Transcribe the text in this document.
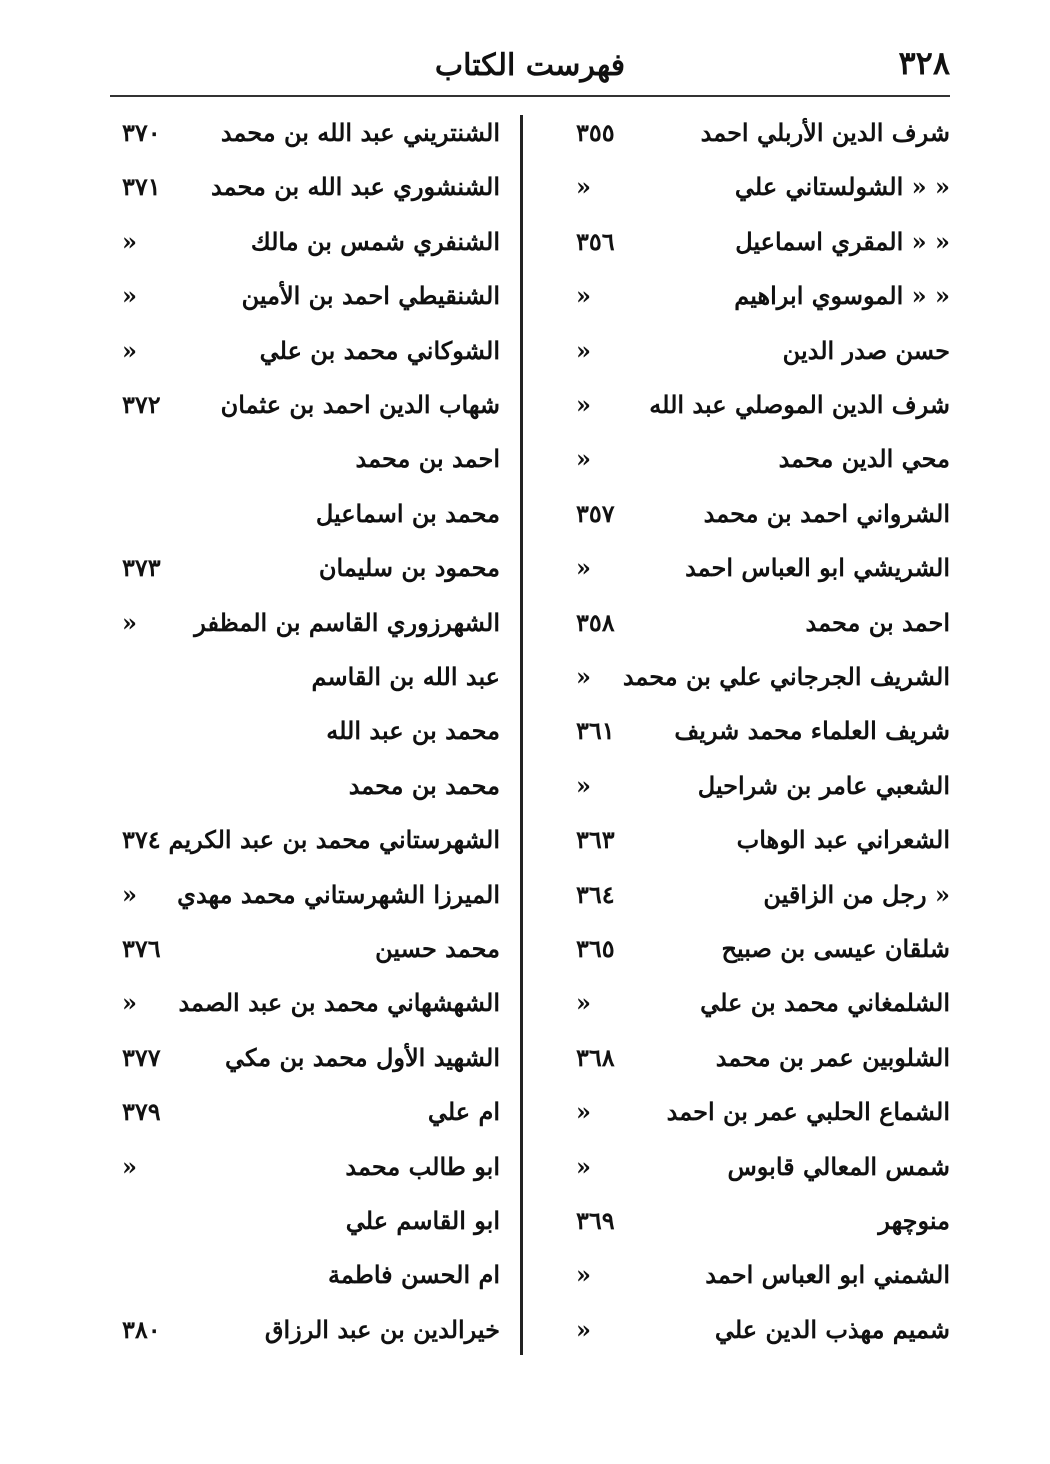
فهرست الكتاب	٣٢٨
شرف الدين الأربلي احمد
٣٥٥
« « الشولستاني علي
«
« « المقري اسماعيل
٣٥٦
« « الموسوي ابراهيم
«
حسن صدر الدين
«
شرف الدين الموصلي عبد الله
«
محي الدين محمد
«
الشرواني احمد بن محمد
٣٥٧
الشريشي ابو العباس احمد
«
احمد بن محمد
٣٥٨
الشريف الجرجاني علي بن محمد
«
شريف العلماء محمد شريف
٣٦١
الشعبي عامر بن شراحيل
«
الشعراني عبد الوهاب
٣٦٣
« رجل من الزاقين
٣٦٤
شلقان عيسى بن صبيح
٣٦٥
الشلمغاني محمد بن علي
«
الشلوبين عمر بن محمد
٣٦٨
الشماع الحلبي عمر بن احمد
«
شمس المعالي قابوس
«
منوچهر
٣٦٩
الشمني ابو العباس احمد
«
شميم مهذب الدين علي
«
الشنتريني عبد الله بن محمد
٣٧٠
الشنشوري عبد الله بن محمد
٣٧١
الشنفري شمس بن مالك
«
الشنقيطي احمد بن الأمين
«
الشوكاني محمد بن علي
«
شهاب الدين احمد بن عثمان
٣٧٢
احمد بن محمد
محمد بن اسماعيل
محمود بن سليمان
٣٧٣
الشهرزوري القاسم بن المظفر
«
عبد الله بن القاسم
محمد بن عبد الله
محمد بن محمد
الشهرستاني محمد بن عبد الكريم
٣٧٤
الميرزا الشهرستاني محمد مهدي
«
محمد حسين
٣٧٦
الشهشهاني محمد بن عبد الصمد
«
الشهيد الأول محمد بن مكي
٣٧٧
ام علي
٣٧٩
ابو طالب محمد
«
ابو القاسم علي
ام الحسن فاطمة
خيرالدين بن عبد الرزاق
٣٨٠
